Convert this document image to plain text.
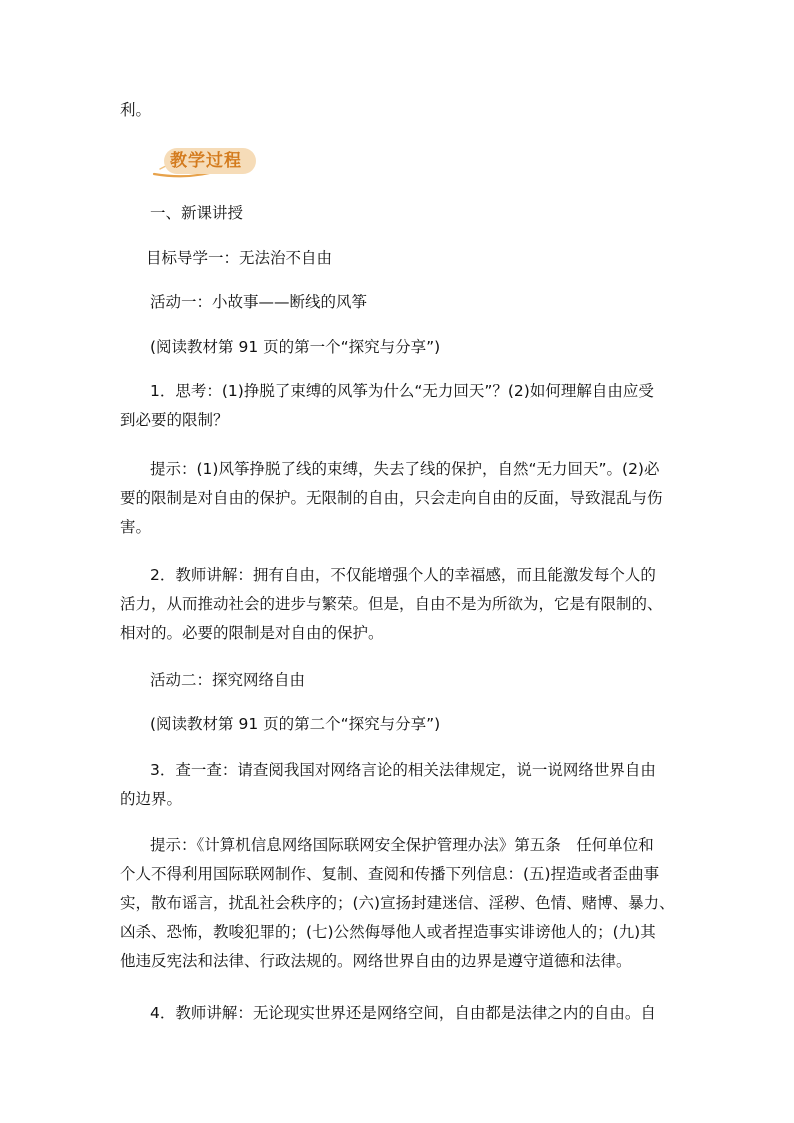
利。
教学过程
一、新课讲授
目标导学一：无法治不自由
活动一：小故事——断线的风筝
(阅读教材第 91 页的第一个“探究与分享”)
1．思考：(1)挣脱了束缚的风筝为什么“无力回天”？(2)如何理解自由应受
到必要的限制？
提示：(1)风筝挣脱了线的束缚，失去了线的保护，自然“无力回天”。(2)必
要的限制是对自由的保护。无限制的自由，只会走向自由的反面，导致混乱与伤
害。
2．教师讲解：拥有自由，不仅能增强个人的幸福感，而且能激发每个人的
活力，从而推动社会的进步与繁荣。但是，自由不是为所欲为，它是有限制的、
相对的。必要的限制是对自由的保护。
活动二：探究网络自由
(阅读教材第 91 页的第二个“探究与分享”)
3．查一查：请查阅我国对网络言论的相关法律规定，说一说网络世界自由
的边界。
提示：《计算机信息网络国际联网安全保护管理办法》第五条　任何单位和
个人不得利用国际联网制作、复制、查阅和传播下列信息：(五)捏造或者歪曲事
实，散布谣言，扰乱社会秩序的；(六)宣扬封建迷信、淫秽、色情、赌博、暴力、
凶杀、恐怖，教唆犯罪的；(七)公然侮辱他人或者捏造事实诽谤他人的；(九)其
他违反宪法和法律、行政法规的。网络世界自由的边界是遵守道德和法律。
4．教师讲解：无论现实世界还是网络空间，自由都是法律之内的自由。自
